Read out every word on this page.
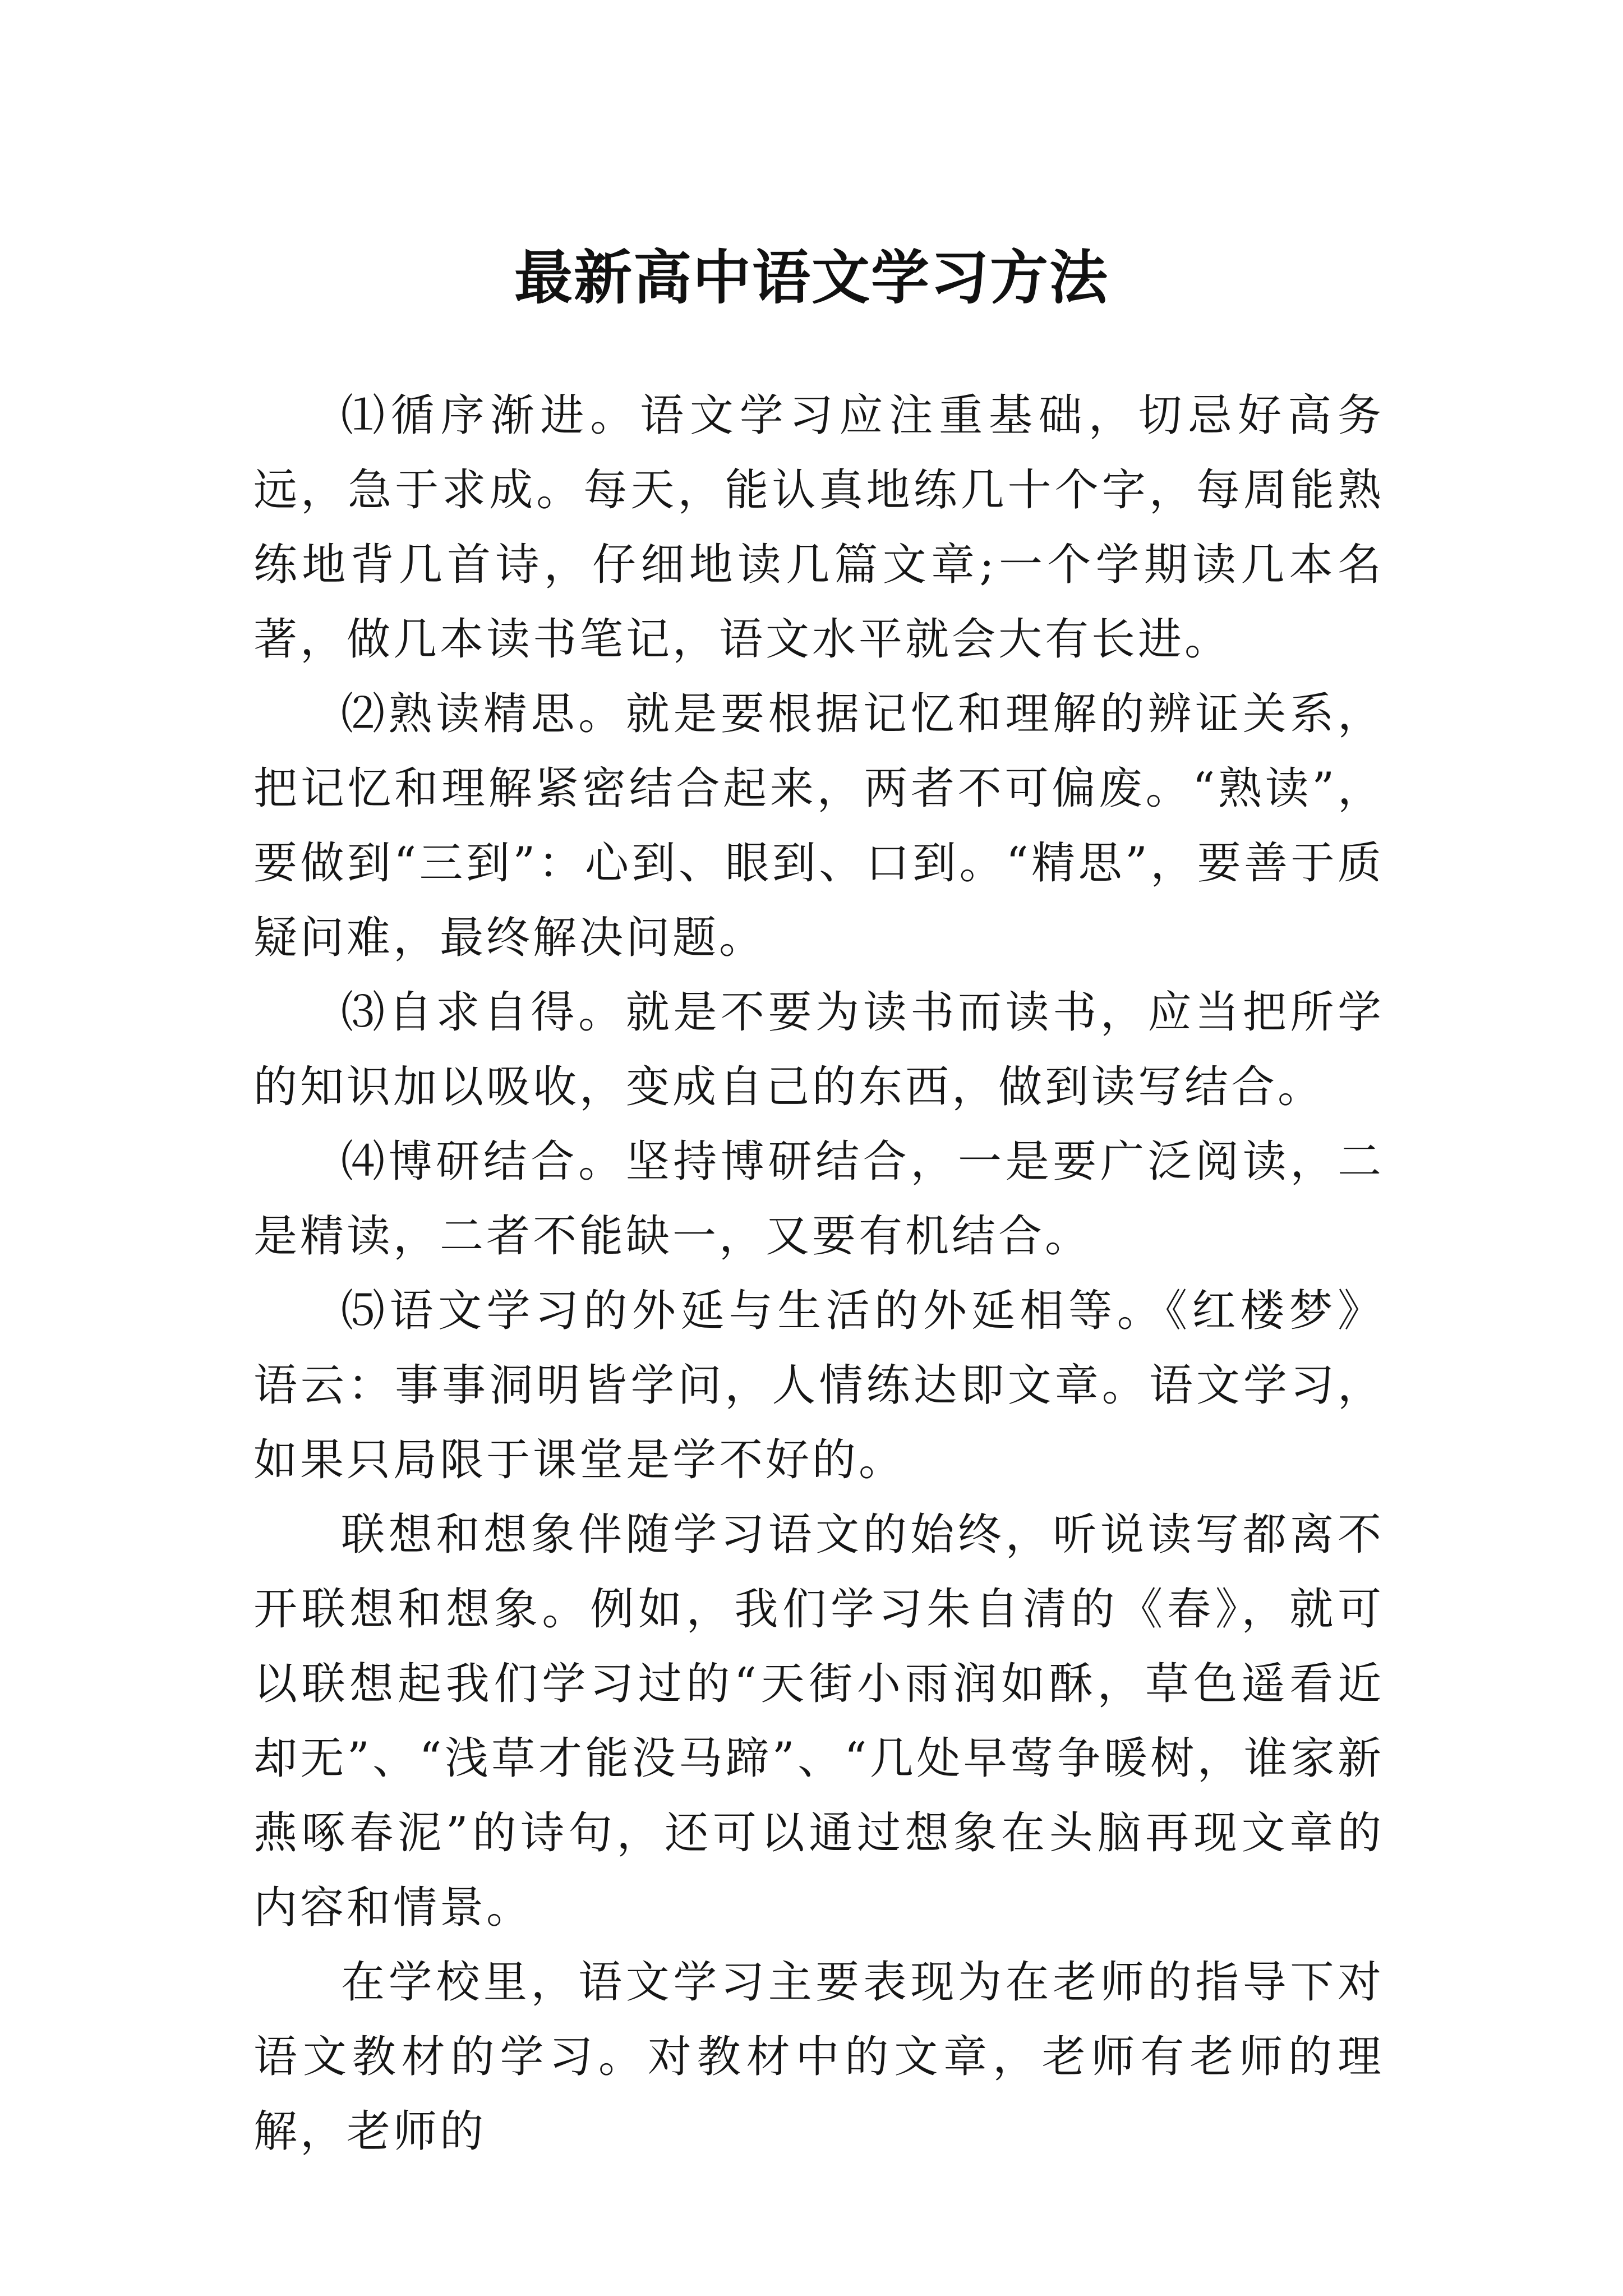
最新高中语文学习方法

⑴循序渐进。语文学习应注重基础，切忌好高务远，急于求成。每天，能认真地练几十个字，每周能熟练地背几首诗，仔细地读几篇文章;一个学期读几本名著，做几本读书笔记，语文水平就会大有长进。

⑵熟读精思。就是要根据记忆和理解的辨证关系，把记忆和理解紧密结合起来，两者不可偏废。“熟读”，要做到“三到”：心到、眼到、口到。“精思”，要善于质疑问难，最终解决问题。

⑶自求自得。就是不要为读书而读书，应当把所学的知识加以吸收，变成自己的东西，做到读写结合。

⑷博研结合。坚持博研结合，一是要广泛阅读，二是精读，二者不能缺一，又要有机结合。

⑸语文学习的外延与生活的外延相等。《红楼梦》语云：事事洞明皆学问，人情练达即文章。语文学习，如果只局限于课堂是学不好的。

联想和想象伴随学习语文的始终，听说读写都离不开联想和想象。例如，我们学习朱自清的《春》，就可以联想起我们学习过的“天街小雨润如酥，草色遥看近却无”、“浅草才能没马蹄”、“几处早莺争暖树，谁家新燕啄春泥”的诗句，还可以通过想象在头脑再现文章的内容和情景。

在学校里，语文学习主要表现为在老师的指导下对语文教材的学习。对教材中的文章，老师有老师的理解，老师的
